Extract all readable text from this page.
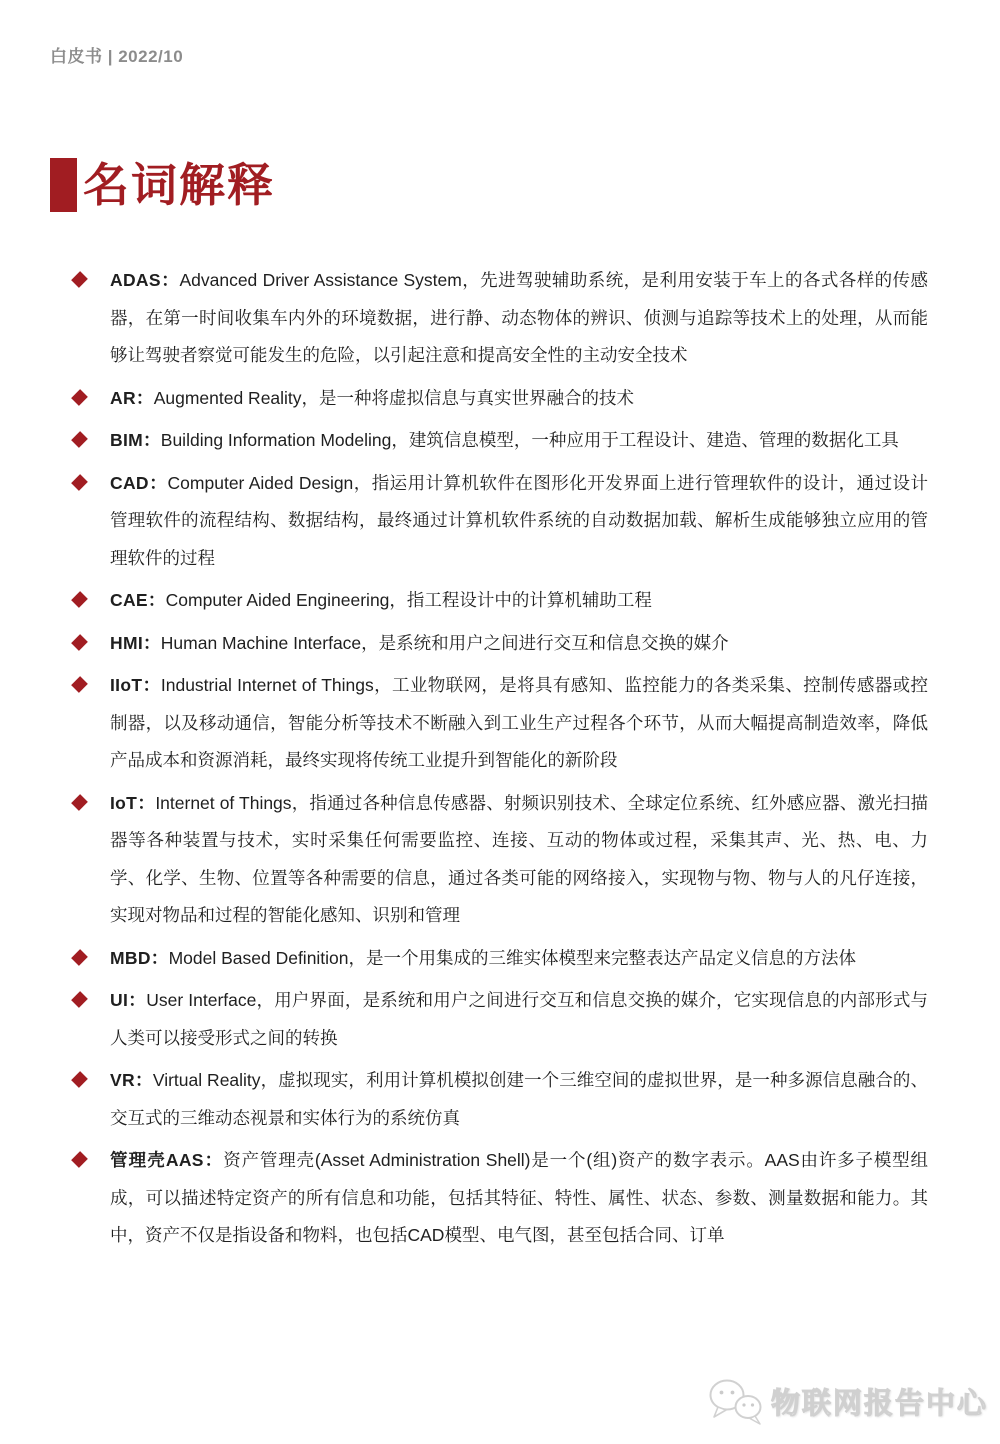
白皮书 | 2022/10
名词解释

ADAS：Advanced Driver Assistance System，先进驾驶辅助系统，是利用安装于车上的各式各样的传感器，在第一时间收集车内外的环境数据，进行静、动态物体的辨识、侦测与追踪等技术上的处理，从而能够让驾驶者察觉可能发生的危险，以引起注意和提高安全性的主动安全技术

AR：Augmented Reality，是一种将虚拟信息与真实世界融合的技术

BIM：Building Information Modeling，建筑信息模型，一种应用于工程设计、建造、管理的数据化工具

CAD：Computer Aided Design，指运用计算机软件在图形化开发界面上进行管理软件的设计，通过设计管理软件的流程结构、数据结构，最终通过计算机软件系统的自动数据加载、解析生成能够独立应用的管理软件的过程

CAE：Computer Aided Engineering，指工程设计中的计算机辅助工程

HMI：Human Machine Interface，是系统和用户之间进行交互和信息交换的媒介

IIoT：Industrial Internet of Things，工业物联网，是将具有感知、监控能力的各类采集、控制传感器或控制器，以及移动通信，智能分析等技术不断融入到工业生产过程各个环节，从而大幅提高制造效率，降低产品成本和资源消耗，最终实现将传统工业提升到智能化的新阶段

IoT：Internet of Things，指通过各种信息传感器、射频识别技术、全球定位系统、红外感应器、激光扫描器等各种装置与技术，实时采集任何需要监控、连接、互动的物体或过程，采集其声、光、热、电、力学、化学、生物、位置等各种需要的信息，通过各类可能的网络接入，实现物与物、物与人的凡仔连接，实现对物品和过程的智能化感知、识别和管理

MBD：Model Based Definition，是一个用集成的三维实体模型来完整表达产品定义信息的方法体

UI：User Interface，用户界面，是系统和用户之间进行交互和信息交换的媒介，它实现信息的内部形式与人类可以接受形式之间的转换

VR：Virtual Reality，虚拟现实，利用计算机模拟创建一个三维空间的虚拟世界，是一种多源信息融合的、交互式的三维动态视景和实体行为的系统仿真

管理壳AAS：资产管理壳(Asset Administration Shell)是一个(组)资产的数字表示。AAS由许多子模型组成，可以描述特定资产的所有信息和功能，包括其特征、特性、属性、状态、参数、测量数据和能力。其中，资产不仅是指设备和物料，也包括CAD模型、电气图，甚至包括合同、订单

物联网报告中心
